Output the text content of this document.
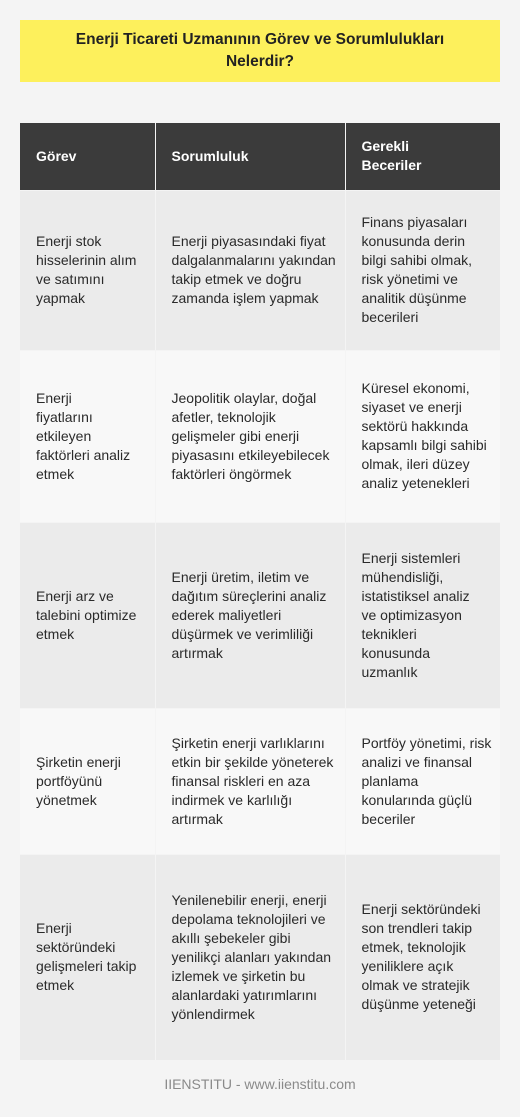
Enerji Ticareti Uzmanının Görev ve Sorumlulukları Nelerdir?
Görev	Sorumluluk	Gerekli Beceriler
Enerji stok hisselerinin alım ve satımını yapmak	Enerji piyasasındaki fiyat dalgalanmalarını yakından takip etmek ve doğru zamanda işlem yapmak	Finans piyasaları konusunda derin bilgi sahibi olmak, risk yönetimi ve analitik düşünme becerileri
Enerji fiyatlarını etkileyen faktörleri analiz etmek	Jeopolitik olaylar, doğal afetler, teknolojik gelişmeler gibi enerji piyasasını etkileyebilecek faktörleri öngörmek	Küresel ekonomi, siyaset ve enerji sektörü hakkında kapsamlı bilgi sahibi olmak, ileri düzey analiz yetenekleri
Enerji arz ve talebini optimize etmek	Enerji üretim, iletim ve dağıtım süreçlerini analiz ederek maliyetleri düşürmek ve verimliliği artırmak	Enerji sistemleri mühendisliği, istatistiksel analiz ve optimizasyon teknikleri konusunda uzmanlık
Şirketin enerji portföyünü yönetmek	Şirketin enerji varlıklarını etkin bir şekilde yöneterek finansal riskleri en aza indirmek ve karlılığı artırmak	Portföy yönetimi, risk analizi ve finansal planlama konularında güçlü beceriler
Enerji sektöründeki gelişmeleri takip etmek	Yenilenebilir enerji, enerji depolama teknolojileri ve akıllı şebekeler gibi yenilikçi alanları yakından izlemek ve şirketin bu alanlardaki yatırımlarını yönlendirmek	Enerji sektöründeki son trendleri takip etmek, teknolojik yeniliklere açık olmak ve stratejik düşünme yeteneği
IIENSTITU - www.iienstitu.com
